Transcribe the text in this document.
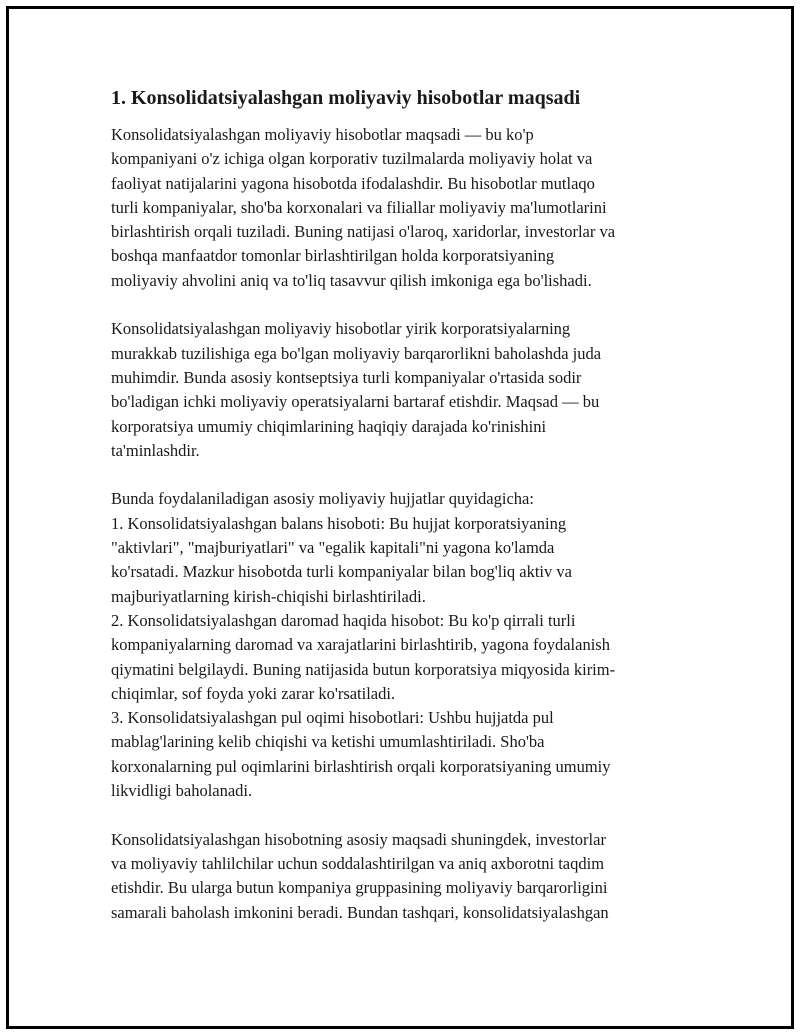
1. Konsolidatsiyalashgan moliyaviy hisobotlar maqsadi
Konsolidatsiyalashgan moliyaviy hisobotlar maqsadi — bu ko'p
kompaniyani o'z ichiga olgan korporativ tuzilmalarda moliyaviy holat va
faoliyat natijalarini yagona hisobotda ifodalashdir. Bu hisobotlar mutlaqo
turli kompaniyalar, sho'ba korxonalari va filiallar moliyaviy ma'lumotlarini
birlashtirish orqali tuziladi. Buning natijasi o'laroq, xaridorlar, investorlar va
boshqa manfaatdor tomonlar birlashtirilgan holda korporatsiyaning
moliyaviy ahvolini aniq va to'liq tasavvur qilish imkoniga ega bo'lishadi.
Konsolidatsiyalashgan moliyaviy hisobotlar yirik korporatsiyalarning
murakkab tuzilishiga ega bo'lgan moliyaviy barqarorlikni baholashda juda
muhimdir. Bunda asosiy kontseptsiya turli kompaniyalar o'rtasida sodir
bo'ladigan ichki moliyaviy operatsiyalarni bartaraf etishdir. Maqsad — bu
korporatsiya umumiy chiqimlarining haqiqiy darajada ko'rinishini
ta'minlashdir.
Bunda foydalaniladigan asosiy moliyaviy hujjatlar quyidagicha:
1. Konsolidatsiyalashgan balans hisoboti: Bu hujjat korporatsiyaning
"aktivlari", "majburiyatlari" va "egalik kapitali"ni yagona ko'lamda
ko'rsatadi. Mazkur hisobotda turli kompaniyalar bilan bog'liq aktiv va
majburiyatlarning kirish-chiqishi birlashtiriladi.
2. Konsolidatsiyalashgan daromad haqida hisobot: Bu ko'p qirrali turli
kompaniyalarning daromad va xarajatlarini birlashtirib, yagona foydalanish
qiymatini belgilaydi. Buning natijasida butun korporatsiya miqyosida kirim-
chiqimlar, sof foyda yoki zarar ko'rsatiladi.
3. Konsolidatsiyalashgan pul oqimi hisobotlari: Ushbu hujjatda pul
mablag'larining kelib chiqishi va ketishi umumlashtiriladi. Sho'ba
korxonalarning pul oqimlarini birlashtirish orqali korporatsiyaning umumiy
likvidligi baholanadi.
Konsolidatsiyalashgan hisobotning asosiy maqsadi shuningdek, investorlar
va moliyaviy tahlilchilar uchun soddalashtirilgan va aniq axborotni taqdim
etishdir. Bu ularga butun kompaniya gruppasining moliyaviy barqarorligini
samarali baholash imkonini beradi. Bundan tashqari, konsolidatsiyalashgan
